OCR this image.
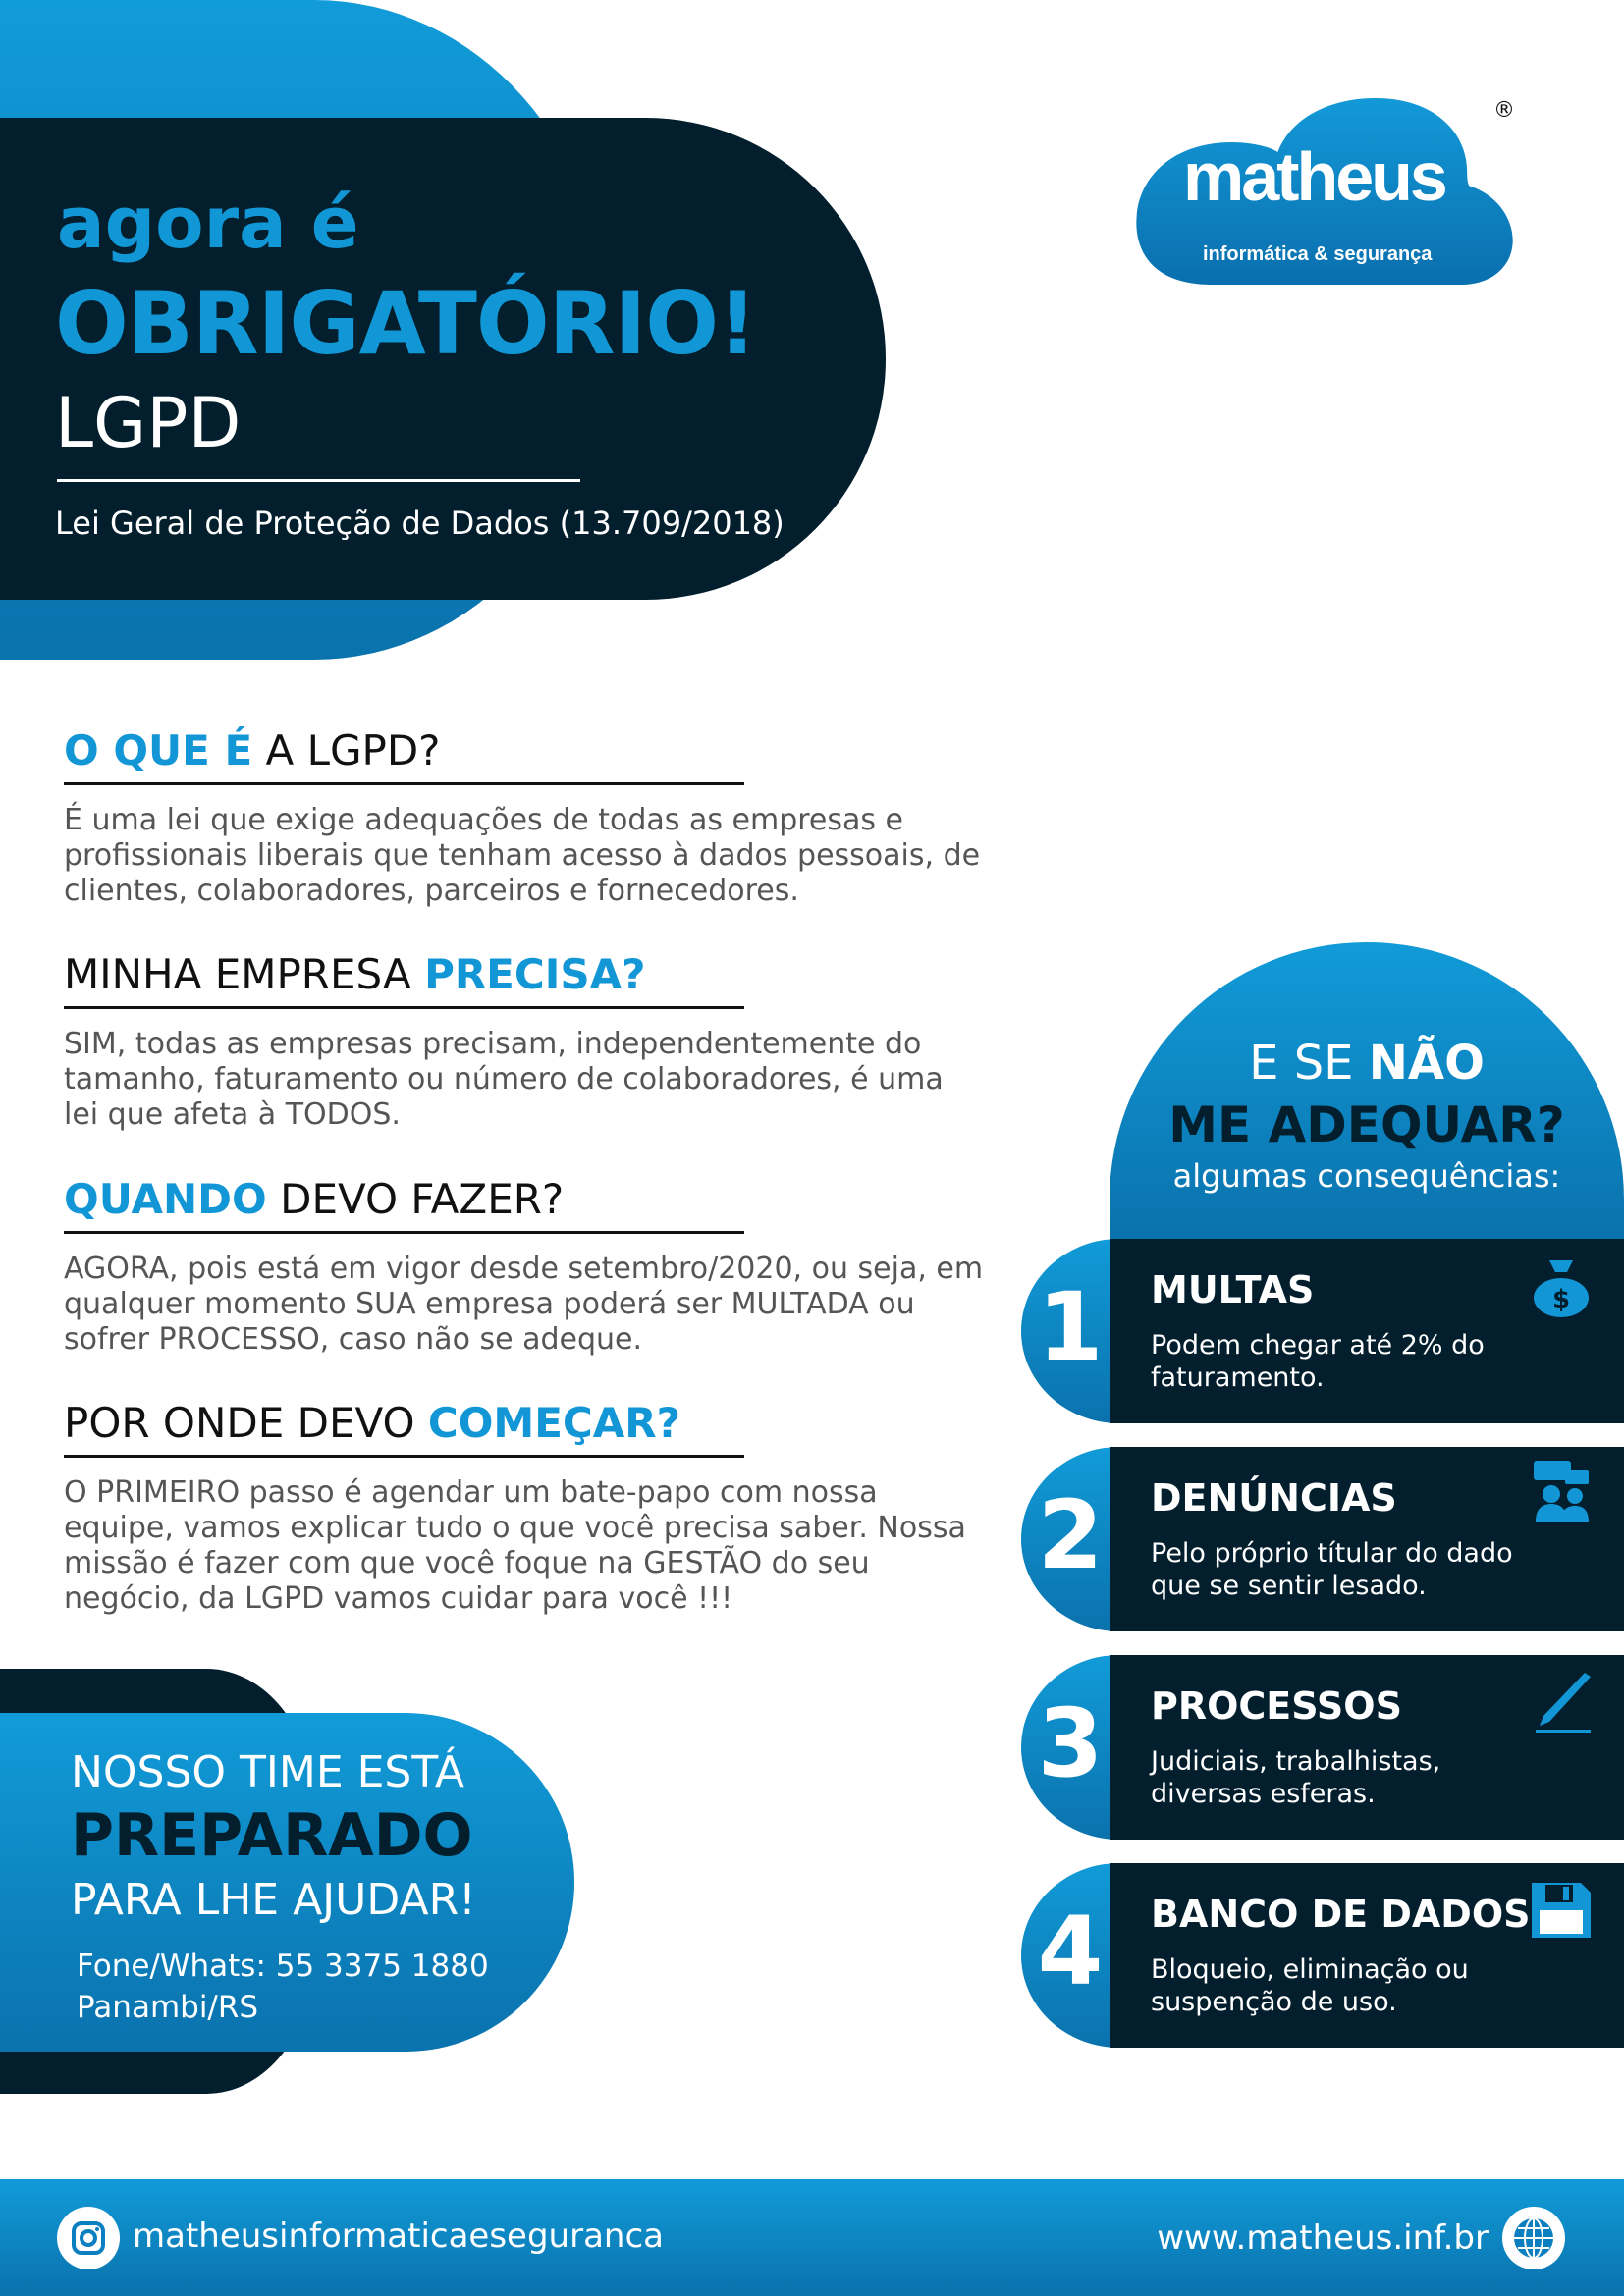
agora é
OBRIGATÓRIO!
LGPD
Lei Geral de Proteção de Dados (13.709/2018)
matheus
informática & segurança
®
O QUE É A LGPD?
É uma lei que exige adequações de todas as empresas e profissionais liberais que tenham acesso à dados pessoais, de clientes, colaboradores, parceiros e fornecedores.
MINHA EMPRESA PRECISA?
SIM, todas as empresas precisam, independentemente do tamanho, faturamento ou número de colaboradores, é uma lei que afeta à TODOS.
QUANDO DEVO FAZER?
AGORA, pois está em vigor desde setembro/2020, ou seja, em qualquer momento SUA empresa poderá ser MULTADA ou sofrer PROCESSO, caso não se adeque.
POR ONDE DEVO COMEÇAR?
O PRIMEIRO passo é agendar um bate-papo com nossa equipe, vamos explicar tudo o que você precisa saber. Nossa missão é fazer com que você foque na GESTÃO do seu negócio, da LGPD vamos cuidar para você !!!
NOSSO TIME ESTÁ
PREPARADO
PARA LHE AJUDAR!
Fone/Whats: 55 3375 1880
Panambi/RS
E SE NÃO
ME ADEQUAR?
algumas consequências:
1	MULTAS
Podem chegar até 2% do faturamento.
$
2	DENÚNCIAS
Pelo próprio títular do dado que se sentir lesado.
3	PROCESSOS
Judiciais, trabalhistas, diversas esferas.
4	BANCO DE DADOS
Bloqueio, eliminação ou suspenção de uso.
matheusinformaticaeseguranca	www.matheus.inf.br
